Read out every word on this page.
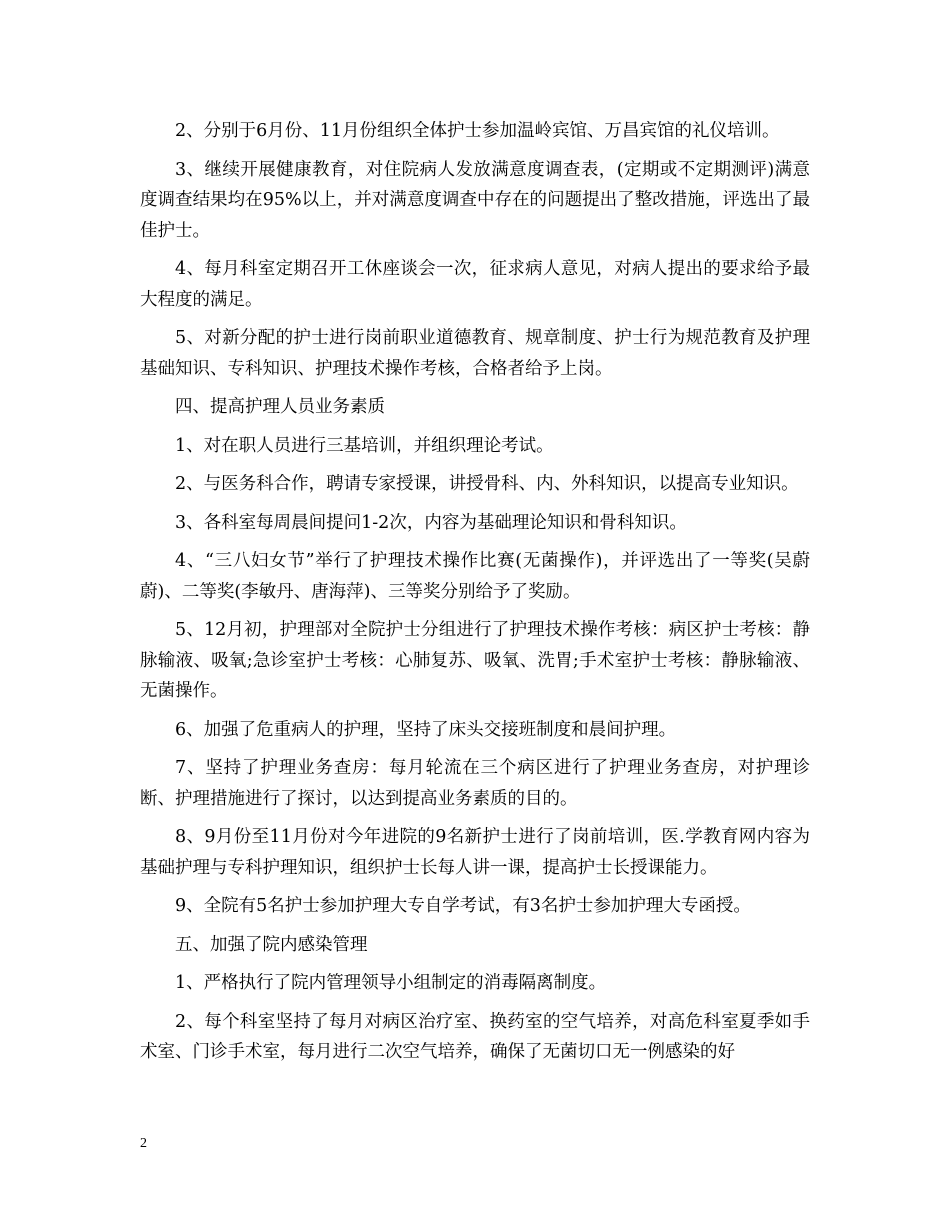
2、分别于6月份、11月份组织全体护士参加温岭宾馆、万昌宾馆的礼仪培训。

3、继续开展健康教育，对住院病人发放满意度调查表，(定期或不定期测评)满意度调查结果均在95%以上，并对满意度调查中存在的问题提出了整改措施，评选出了最佳护士。

4、每月科室定期召开工休座谈会一次，征求病人意见，对病人提出的要求给予最大程度的满足。

5、对新分配的护士进行岗前职业道德教育、规章制度、护士行为规范教育及护理基础知识、专科知识、护理技术操作考核，合格者给予上岗。

四、提高护理人员业务素质

1、对在职人员进行三基培训，并组织理论考试。

2、与医务科合作，聘请专家授课，讲授骨科、内、外科知识，以提高专业知识。

3、各科室每周晨间提问1-2次，内容为基础理论知识和骨科知识。

4、“三八妇女节”举行了护理技术操作比赛(无菌操作)，并评选出了一等奖(吴蔚蔚)、二等奖(李敏丹、唐海萍)、三等奖分别给予了奖励。

5、12月初，护理部对全院护士分组进行了护理技术操作考核：病区护士考核：静脉输液、吸氧;急诊室护士考核：心肺复苏、吸氧、洗胃;手术室护士考核：静脉输液、无菌操作。

6、加强了危重病人的护理，坚持了床头交接班制度和晨间护理。

7、坚持了护理业务查房：每月轮流在三个病区进行了护理业务查房，对护理诊断、护理措施进行了探讨，以达到提高业务素质的目的。

8、9月份至11月份对今年进院的9名新护士进行了岗前培训，医.学教育网内容为基础护理与专科护理知识，组织护士长每人讲一课，提高护士长授课能力。

9、全院有5名护士参加护理大专自学考试，有3名护士参加护理大专函授。

五、加强了院内感染管理

1、严格执行了院内管理领导小组制定的消毒隔离制度。

2、每个科室坚持了每月对病区治疗室、换药室的空气培养，对高危科室夏季如手术室、门诊手术室，每月进行二次空气培养，确保了无菌切口无一例感染的好

2
